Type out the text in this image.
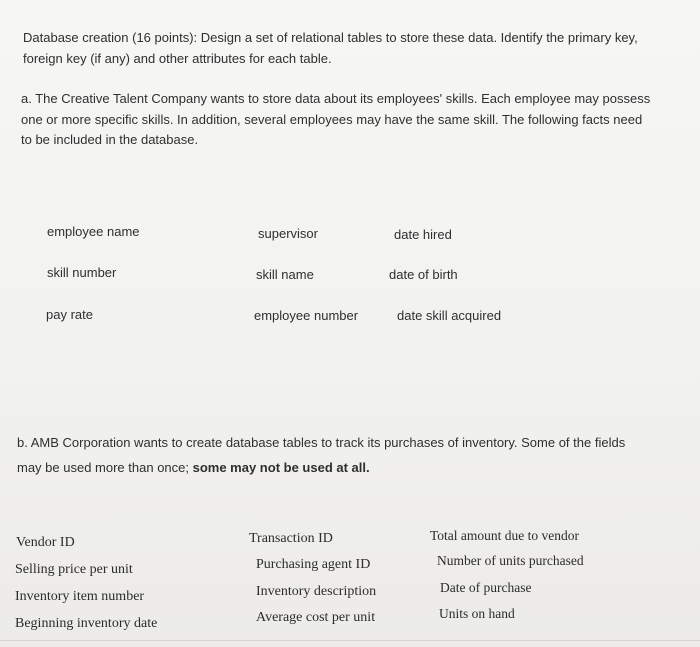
Database creation (16 points): Design a set of relational tables to store these data. Identify the primary key,
foreign key (if any) and other attributes for each table.

a. The Creative Talent Company wants to store data about its employees' skills. Each employee may possess
one or more specific skills. In addition, several employees may have the same skill. The following facts need
to be included in the database.

employee name	supervisor	date hired
skill number	skill name	date of birth
pay rate	employee number	date skill acquired

b. AMB Corporation wants to create database tables to track its purchases of inventory. Some of the fields
may be used more than once; some may not be used at all.

Vendor ID
Selling price per unit
Inventory item number
Beginning inventory date
Transaction ID
Purchasing agent ID
Inventory description
Average cost per unit
Total amount due to vendor
Number of units purchased
Date of purchase
Units on hand
